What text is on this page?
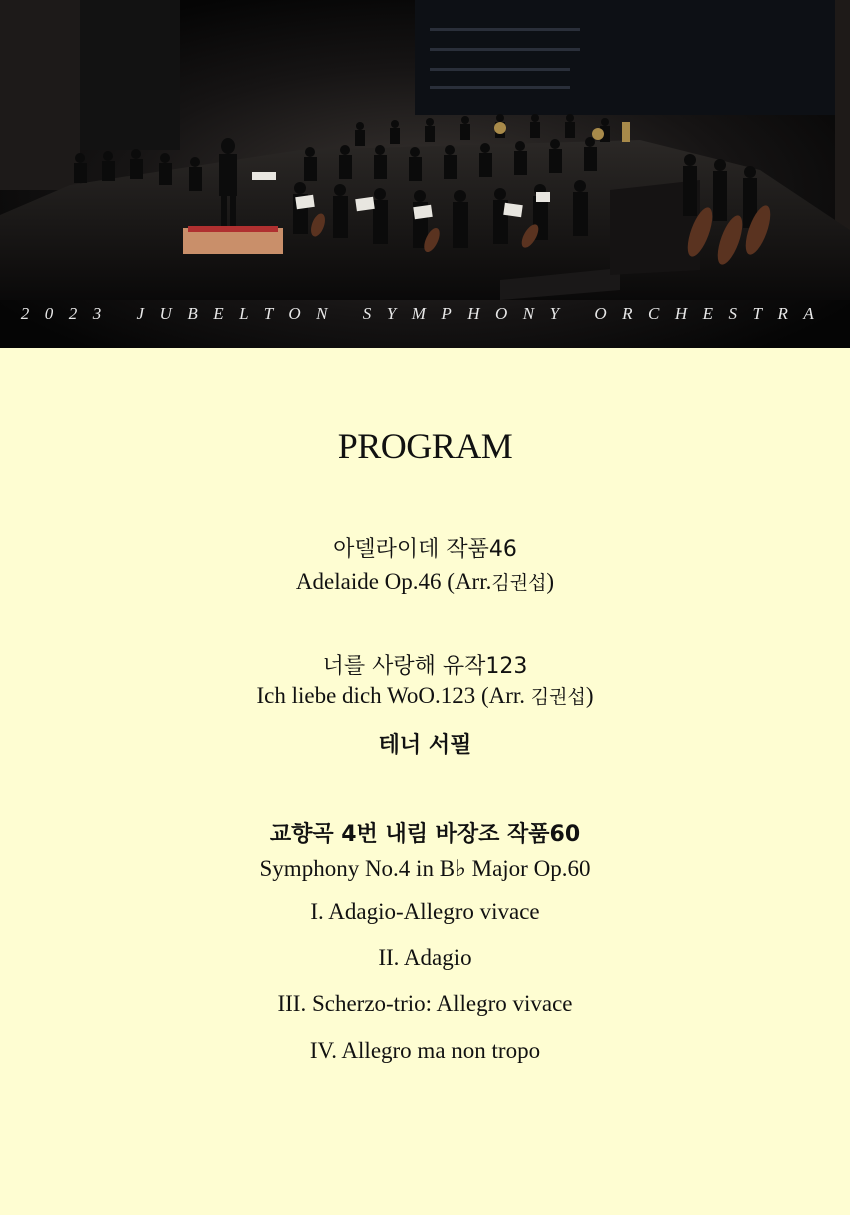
2023 JUBELTON SYMPHONY ORCHESTRA
PROGRAM
아델라이데 작품46
Adelaide Op.46 (Arr.김권섭)
너를 사랑해 유작123
Ich liebe dich WoO.123 (Arr. 김권섭)
테너 서필
교향곡 4번 내림 바장조 작품60
Symphony No.4 in B♭ Major Op.60
I. Adagio-Allegro vivace
II. Adagio
III. Scherzo-trio: Allegro vivace
IV. Allegro ma non tropo
